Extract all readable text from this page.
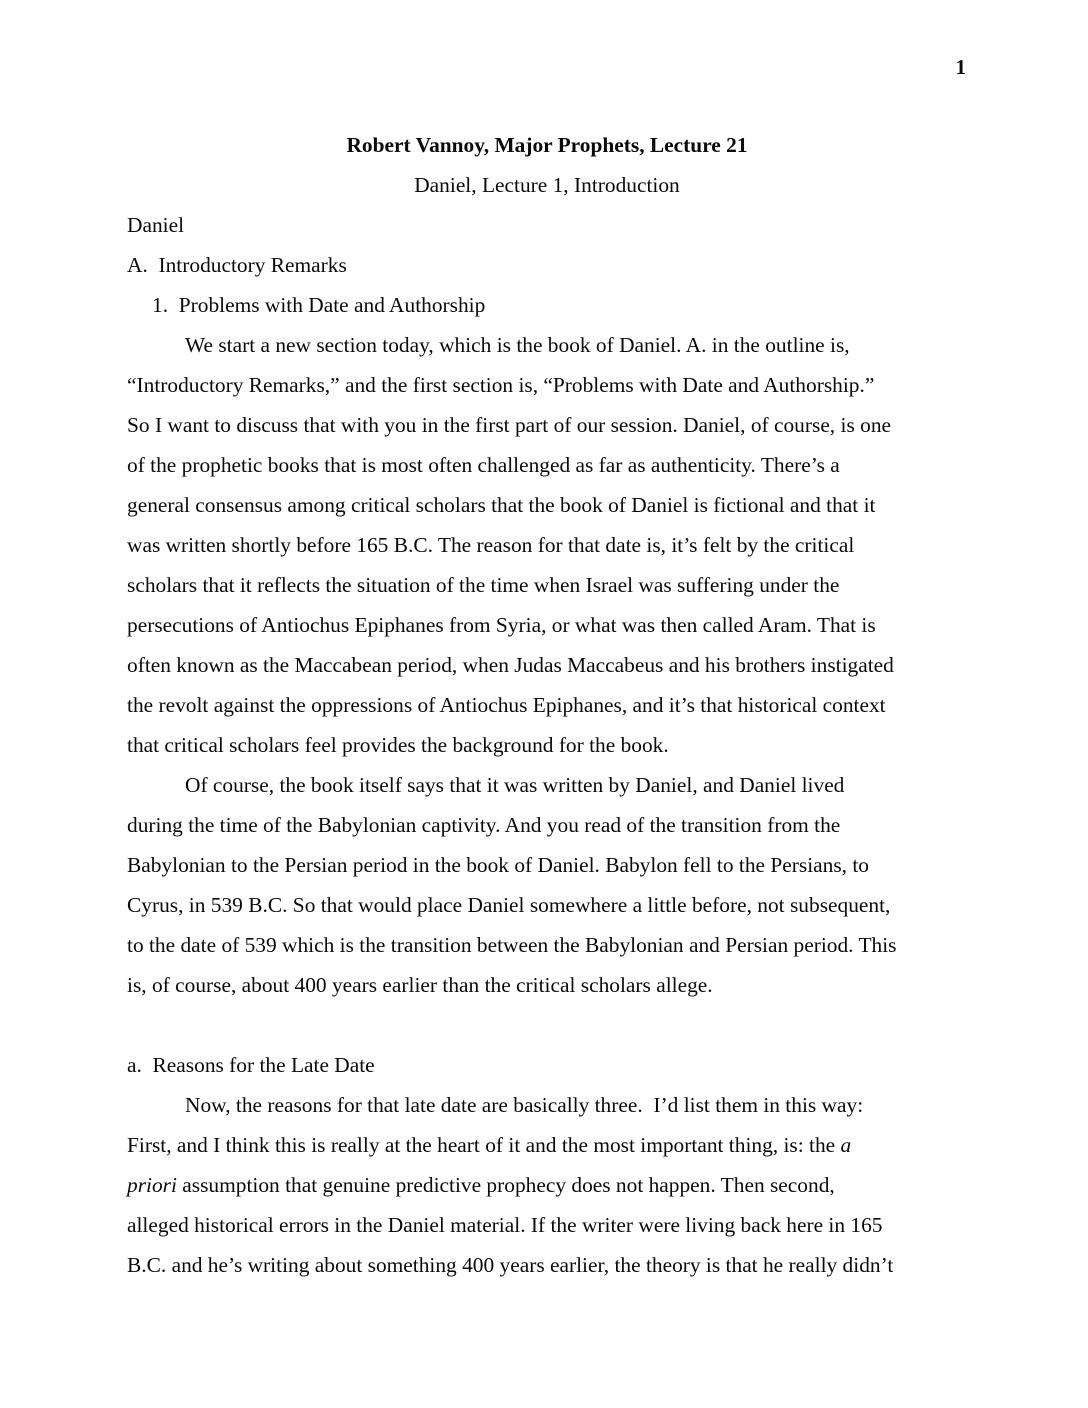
1
Robert Vannoy, Major Prophets, Lecture 21
Daniel, Lecture 1, Introduction
Daniel
A.  Introductory Remarks
1.  Problems with Date and Authorship
We start a new section today, which is the book of Daniel. A. in the outline is,
“Introductory Remarks,” and the first section is, “Problems with Date and Authorship.”
So I want to discuss that with you in the first part of our session. Daniel, of course, is one
of the prophetic books that is most often challenged as far as authenticity. There’s a
general consensus among critical scholars that the book of Daniel is fictional and that it
was written shortly before 165 B.C. The reason for that date is, it’s felt by the critical
scholars that it reflects the situation of the time when Israel was suffering under the
persecutions of Antiochus Epiphanes from Syria, or what was then called Aram. That is
often known as the Maccabean period, when Judas Maccabeus and his brothers instigated
the revolt against the oppressions of Antiochus Epiphanes, and it’s that historical context
that critical scholars feel provides the background for the book.
Of course, the book itself says that it was written by Daniel, and Daniel lived
during the time of the Babylonian captivity. And you read of the transition from the
Babylonian to the Persian period in the book of Daniel. Babylon fell to the Persians, to
Cyrus, in 539 B.C. So that would place Daniel somewhere a little before, not subsequent,
to the date of 539 which is the transition between the Babylonian and Persian period. This
is, of course, about 400 years earlier than the critical scholars allege.
a.  Reasons for the Late Date
Now, the reasons for that late date are basically three.  I’d list them in this way:
First, and I think this is really at the heart of it and the most important thing, is: the a
priori assumption that genuine predictive prophecy does not happen. Then second,
alleged historical errors in the Daniel material. If the writer were living back here in 165
B.C. and he’s writing about something 400 years earlier, the theory is that he really didn’t
